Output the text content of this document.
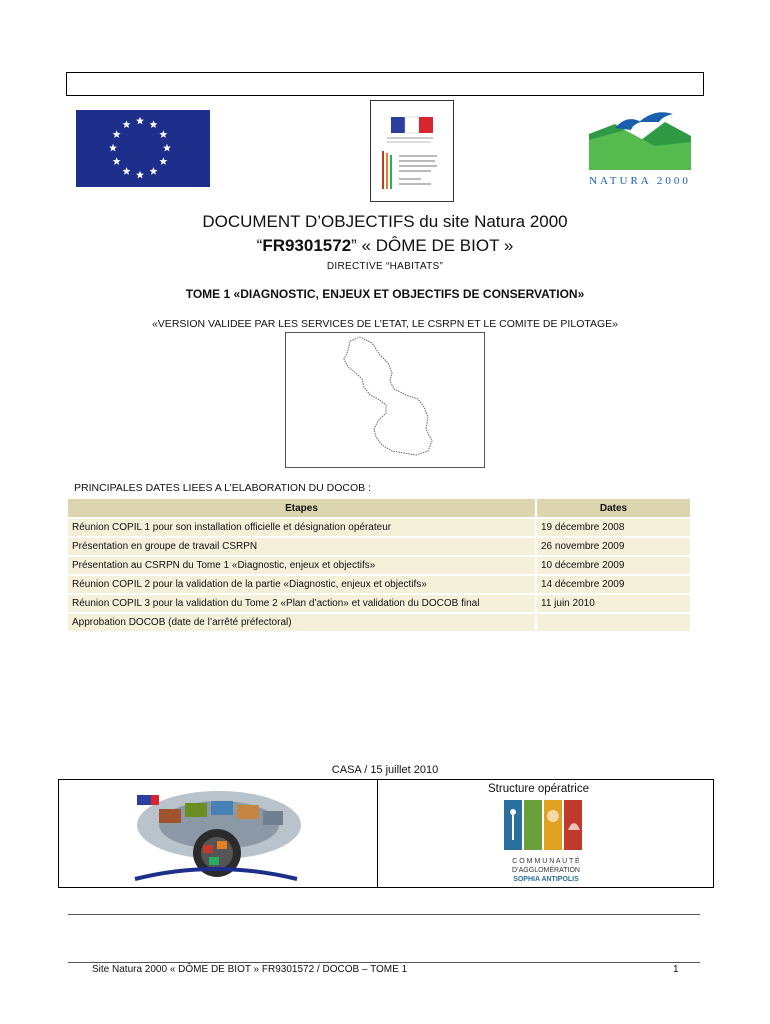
NATURA 2000
DOCUMENT D’OBJECTIFS du site Natura 2000
“FR9301572” « DÔME DE BIOT »
DIRECTIVE “HABITATS”
TOME 1 «DIAGNOSTIC, ENJEUX ET OBJECTIFS DE CONSERVATION»
«VERSION VALIDEE PAR LES SERVICES DE L’ETAT, LE CSRPN ET LE COMITE DE PILOTAGE»
PRINCIPALES DATES LIEES A L’ELABORATION DU DOCOB :
Etapes	Dates
Réunion COPIL 1 pour son installation officielle et désignation opérateur	19 décembre 2008
Présentation en groupe de travail CSRPN	26 novembre 2009
Présentation au CSRPN du Tome 1 «Diagnostic, enjeux et objectifs»	10 décembre 2009
Réunion COPIL 2 pour la validation de la partie «Diagnostic, enjeux et objectifs»	14 décembre 2009
Réunion COPIL 3 pour la validation du Tome 2 «Plan d’action» et validation du DOCOB final	11 juin 2010
Approbation DOCOB (date de l’arrêté préfectoral)	
CASA / 15 juillet 2010
Structure opératrice
C O M M U N A U T É
D’AGGLOMÉRATION
SOPHIA ANTIPOLIS
Site Natura 2000 « DÔME DE BIOT » FR9301572 / DOCOB – TOME 1	1
